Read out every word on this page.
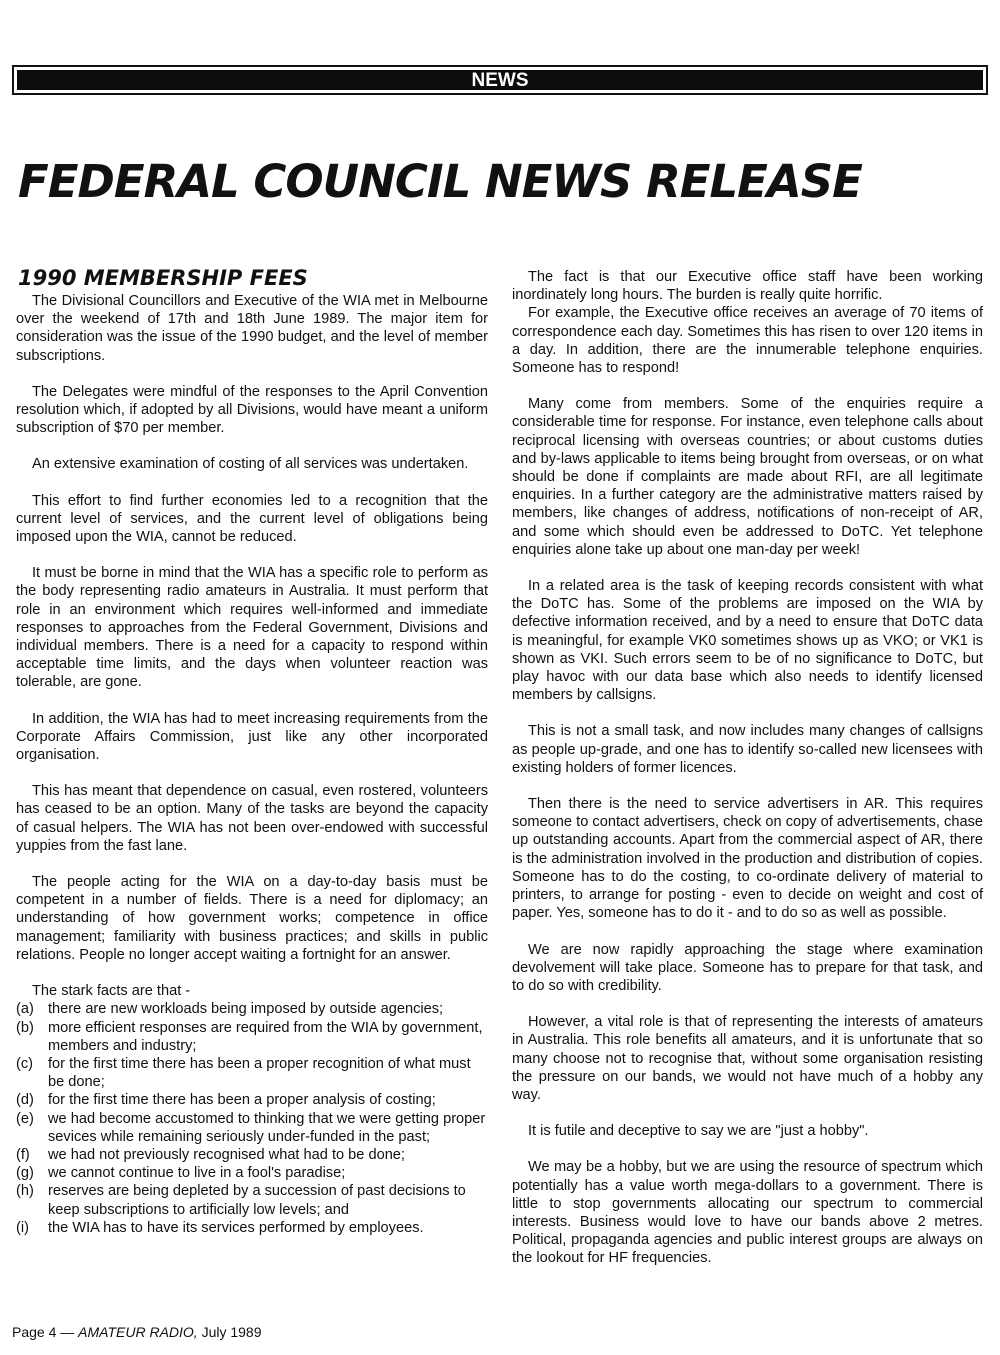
NEWS
FEDERAL COUNCIL NEWS RELEASE
1990 MEMBERSHIP FEES

The Divisional Councillors and Executive of the WIA met in Melbourne over the weekend of 17th and 18th June 1989. The major item for consideration was the issue of the 1990 budget, and the level of member subscriptions.

The Delegates were mindful of the responses to the April Convention resolution which, if adopted by all Divisions, would have meant a uniform subscription of $70 per member.

An extensive examination of costing of all services was undertaken.

This effort to find further economies led to a recognition that the current level of services, and the current level of obligations being imposed upon the WIA, cannot be reduced.

It must be borne in mind that the WIA has a specific role to perform as the body representing radio amateurs in Australia. It must perform that role in an environment which requires well-informed and immediate responses to approaches from the Federal Government, Divisions and individual members. There is a need for a capacity to respond within acceptable time limits, and the days when volunteer reaction was tolerable, are gone.

In addition, the WIA has had to meet increasing requirements from the Corporate Affairs Commission, just like any other incorporated organisation.

This has meant that dependence on casual, even rostered, volunteers has ceased to be an option. Many of the tasks are beyond the capacity of casual helpers. The WIA has not been over-endowed with successful yuppies from the fast lane.

The people acting for the WIA on a day-to-day basis must be competent in a number of fields. There is a need for diplomacy; an understanding of how government works; competence in office management; familiarity with business practices; and skills in public relations. People no longer accept waiting a fortnight for an answer.

The stark facts are that -

(a) there are new workloads being imposed by outside agencies;
(b) more efficient responses are required from the WIA by government, members and industry;
(c) for the first time there has been a proper recognition of what must be done;
(d) for the first time there has been a proper analysis of costing;
(e) we had become accustomed to thinking that we were getting proper sevices while remaining seriously under-funded in the past;
(f) we had not previously recognised what had to be done;
(g) we cannot continue to live in a fool's paradise;
(h) reserves are being depleted by a succession of past decisions to keep subscriptions to artificially low levels; and
(i) the WIA has to have its services performed by employees.

The fact is that our Executive office staff have been working inordinately long hours. The burden is really quite horrific.

For example, the Executive office receives an average of 70 items of correspondence each day. Sometimes this has risen to over 120 items in a day. In addition, there are the innumerable telephone enquiries. Someone has to respond!

Many come from members. Some of the enquiries require a considerable time for response. For instance, even telephone calls about reciprocal licensing with overseas countries; or about customs duties and by-laws applicable to items being brought from overseas, or on what should be done if complaints are made about RFI, are all legitimate enquiries. In a further category are the administrative matters raised by members, like changes of address, notifications of non-receipt of AR, and some which should even be addressed to DoTC. Yet telephone enquiries alone take up about one man-day per week!

In a related area is the task of keeping records consistent with what the DoTC has. Some of the problems are imposed on the WIA by defective information received, and by a need to ensure that DoTC data is meaningful, for example VK0 sometimes shows up as VKO; or VK1 is shown as VKI. Such errors seem to be of no significance to DoTC, but play havoc with our data base which also needs to identify licensed members by callsigns.

This is not a small task, and now includes many changes of callsigns as people up-grade, and one has to identify so-called new licensees with existing holders of former licences.

Then there is the need to service advertisers in AR. This requires someone to contact advertisers, check on copy of advertisements, chase up outstanding accounts. Apart from the commercial aspect of AR, there is the administration involved in the production and distribution of copies. Someone has to do the costing, to co-ordinate delivery of material to printers, to arrange for posting - even to decide on weight and cost of paper. Yes, someone has to do it - and to do so as well as possible.

We are now rapidly approaching the stage where examination devolvement will take place. Someone has to prepare for that task, and to do so with credibility.

However, a vital role is that of representing the interests of amateurs in Australia. This role benefits all amateurs, and it is unfortunate that so many choose not to recognise that, without some organisation resisting the pressure on our bands, we would not have much of a hobby any way.

It is futile and deceptive to say we are "just a hobby".

We may be a hobby, but we are using the resource of spectrum which potentially has a value worth mega-dollars to a government. There is little to stop governments allocating our spectrum to commercial interests. Business would love to have our bands above 2 metres. Political, propaganda agencies and public interest groups are always on the lookout for HF frequencies.

Page 4 — AMATEUR RADIO, July 1989
